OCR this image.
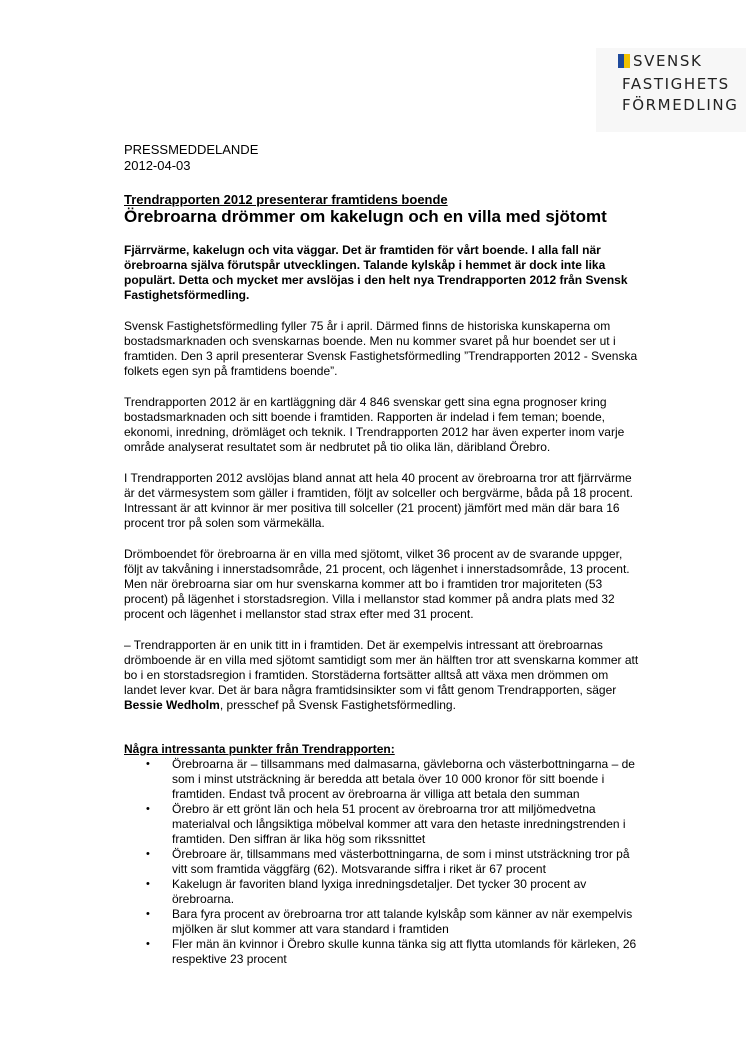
SVENSK
FASTIGHETS
FÖRMEDLING

PRESSMEDDELANDE

2012-04-03

Trendrapporten 2012 presenterar framtidens boende

Örebroarna drömmer om kakelugn och en villa med sjötomt

Fjärrvärme, kakelugn och vita väggar. Det är framtiden för vårt boende. I alla fall när örebroarna själva förutspår utvecklingen. Talande kylskåp i hemmet är dock inte lika populärt. Detta och mycket mer avslöjas i den helt nya Trendrapporten 2012 från Svensk Fastighetsförmedling.

Svensk Fastighetsförmedling fyller 75 år i april. Därmed finns de historiska kunskaperna om bostadsmarknaden och svenskarnas boende. Men nu kommer svaret på hur boendet ser ut i framtiden. Den 3 april presenterar Svensk Fastighetsförmedling ”Trendrapporten 2012 - Svenska folkets egen syn på framtidens boende”.

Trendrapporten 2012 är en kartläggning där 4 846 svenskar gett sina egna prognoser kring bostadsmarknaden och sitt boende i framtiden. Rapporten är indelad i fem teman; boende, ekonomi, inredning, drömläget och teknik. I Trendrapporten 2012 har även experter inom varje område analyserat resultatet som är nedbrutet på tio olika län, däribland Örebro.

I Trendrapporten 2012 avslöjas bland annat att hela 40 procent av örebroarna tror att fjärrvärme är det värmesystem som gäller i framtiden, följt av solceller och bergvärme, båda på 18 procent. Intressant är att kvinnor är mer positiva till solceller (21 procent) jämfört med män där bara 16 procent tror på solen som värmekälla.

Drömboendet för örebroarna är en villa med sjötomt, vilket 36 procent av de svarande uppger, följt av takvåning i innerstadsområde, 21 procent, och lägenhet i innerstadsområde, 13 procent. Men när örebroarna siar om hur svenskarna kommer att bo i framtiden tror majoriteten (53 procent) på lägenhet i storstadsregion. Villa i mellanstor stad kommer på andra plats med 32 procent och lägenhet i mellanstor stad strax efter med 31 procent.

– Trendrapporten är en unik titt in i framtiden. Det är exempelvis intressant att örebroarnas drömboende är en villa med sjötomt samtidigt som mer än hälften tror att svenskarna kommer att bo i en storstadsregion i framtiden. Storstäderna fortsätter alltså att växa men drömmen om landet lever kvar. Det är bara några framtidsinsikter som vi fått genom Trendrapporten, säger Bessie Wedholm, presschef på Svensk Fastighetsförmedling.

Några intressanta punkter från Trendrapporten:

• Örebroarna är – tillsammans med dalmasarna, gävleborna och västerbottningarna – de som i minst utsträckning är beredda att betala över 10 000 kronor för sitt boende i framtiden. Endast två procent av örebroarna är villiga att betala den summan
• Örebro är ett grönt län och hela 51 procent av örebroarna tror att miljömedvetna materialval och långsiktiga möbelval kommer att vara den hetaste inredningstrenden i framtiden. Den siffran är lika hög som rikssnittet
• Örebroare är, tillsammans med västerbottningarna, de som i minst utsträckning tror på vitt som framtida väggfärg (62). Motsvarande siffra i riket är 67 procent
• Kakelugn är favoriten bland lyxiga inredningsdetaljer. Det tycker 30 procent av örebroarna.
• Bara fyra procent av örebroarna tror att talande kylskåp som känner av när exempelvis mjölken är slut kommer att vara standard i framtiden
• Fler män än kvinnor i Örebro skulle kunna tänka sig att flytta utomlands för kärleken, 26 respektive 23 procent
